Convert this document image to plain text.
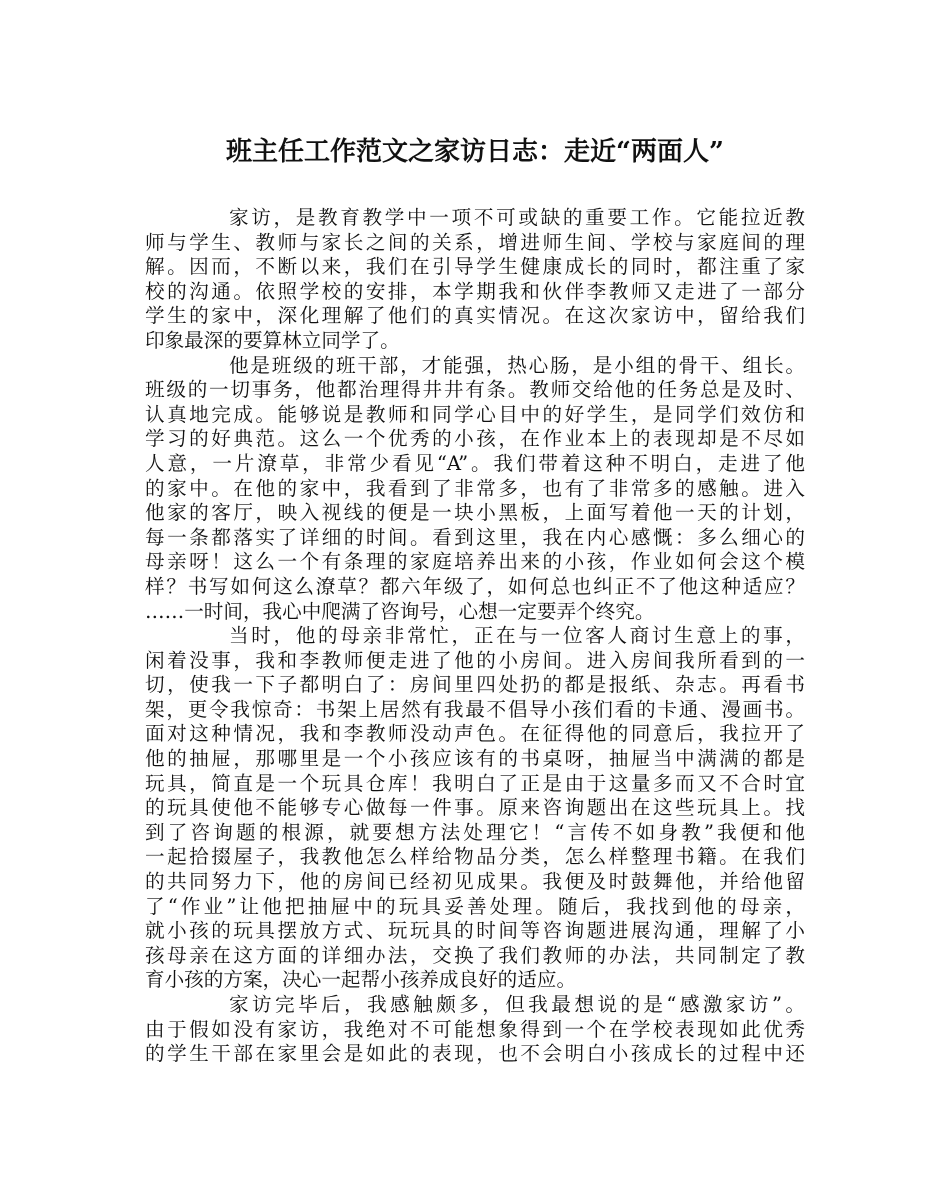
班主任工作范文之家访日志：走近“两面人”

家访，是教育教学中一项不可或缺的重要工作。它能拉近教
师与学生、教师与家长之间的关系，增进师生间、学校与家庭间的理
解。因而，不断以来，我们在引导学生健康成长的同时，都注重了家
校的沟通。依照学校的安排，本学期我和伙伴李教师又走进了一部分
学生的家中，深化理解了他们的真实情况。在这次家访中，留给我们
印象最深的要算林立同学了。

他是班级的班干部，才能强，热心肠，是小组的骨干、组长。
班级的一切事务，他都治理得井井有条。教师交给他的任务总是及时、
认真地完成。能够说是教师和同学心目中的好学生，是同学们效仿和
学习的好典范。这么一个优秀的小孩，在作业本上的表现却是不尽如
人意，一片潦草，非常少看见“A”。我们带着这种不明白，走进了他
的家中。在他的家中，我看到了非常多，也有了非常多的感触。进入
他家的客厅，映入视线的便是一块小黑板，上面写着他一天的计划，
每一条都落实了详细的时间。看到这里，我在内心感慨：多么细心的
母亲呀！这么一个有条理的家庭培养出来的小孩，作业如何会这个模
样？书写如何这么潦草？都六年级了，如何总也纠正不了他这种适应？
……一时间，我心中爬满了咨询号，心想一定要弄个终究。

当时，他的母亲非常忙，正在与一位客人商讨生意上的事，
闲着没事，我和李教师便走进了他的小房间。进入房间我所看到的一
切，使我一下子都明白了：房间里四处扔的都是报纸、杂志。再看书
架，更令我惊奇：书架上居然有我最不倡导小孩们看的卡通、漫画书。
面对这种情况，我和李教师没动声色。在征得他的同意后，我拉开了
他的抽屉，那哪里是一个小孩应该有的书桌呀，抽屉当中满满的都是
玩具，简直是一个玩具仓库！我明白了正是由于这量多而又不合时宜
的玩具使他不能够专心做每一件事。原来咨询题出在这些玩具上。找
到了咨询题的根源，就要想方法处理它！“言传不如身教”我便和他
一起拾掇屋子，我教他怎么样给物品分类，怎么样整理书籍。在我们
的共同努力下，他的房间已经初见成果。我便及时鼓舞他，并给他留
了“作业”让他把抽屉中的玩具妥善处理。随后，我找到他的母亲，
就小孩的玩具摆放方式、玩玩具的时间等咨询题进展沟通，理解了小
孩母亲在这方面的详细办法，交换了我们教师的办法，共同制定了教
育小孩的方案，决心一起帮小孩养成良好的适应。

家访完毕后，我感触颇多，但我最想说的是“感激家访”。
由于假如没有家访，我绝对不可能想象得到一个在学校表现如此优秀
的学生干部在家里会是如此的表现，也不会明白小孩成长的过程中还
